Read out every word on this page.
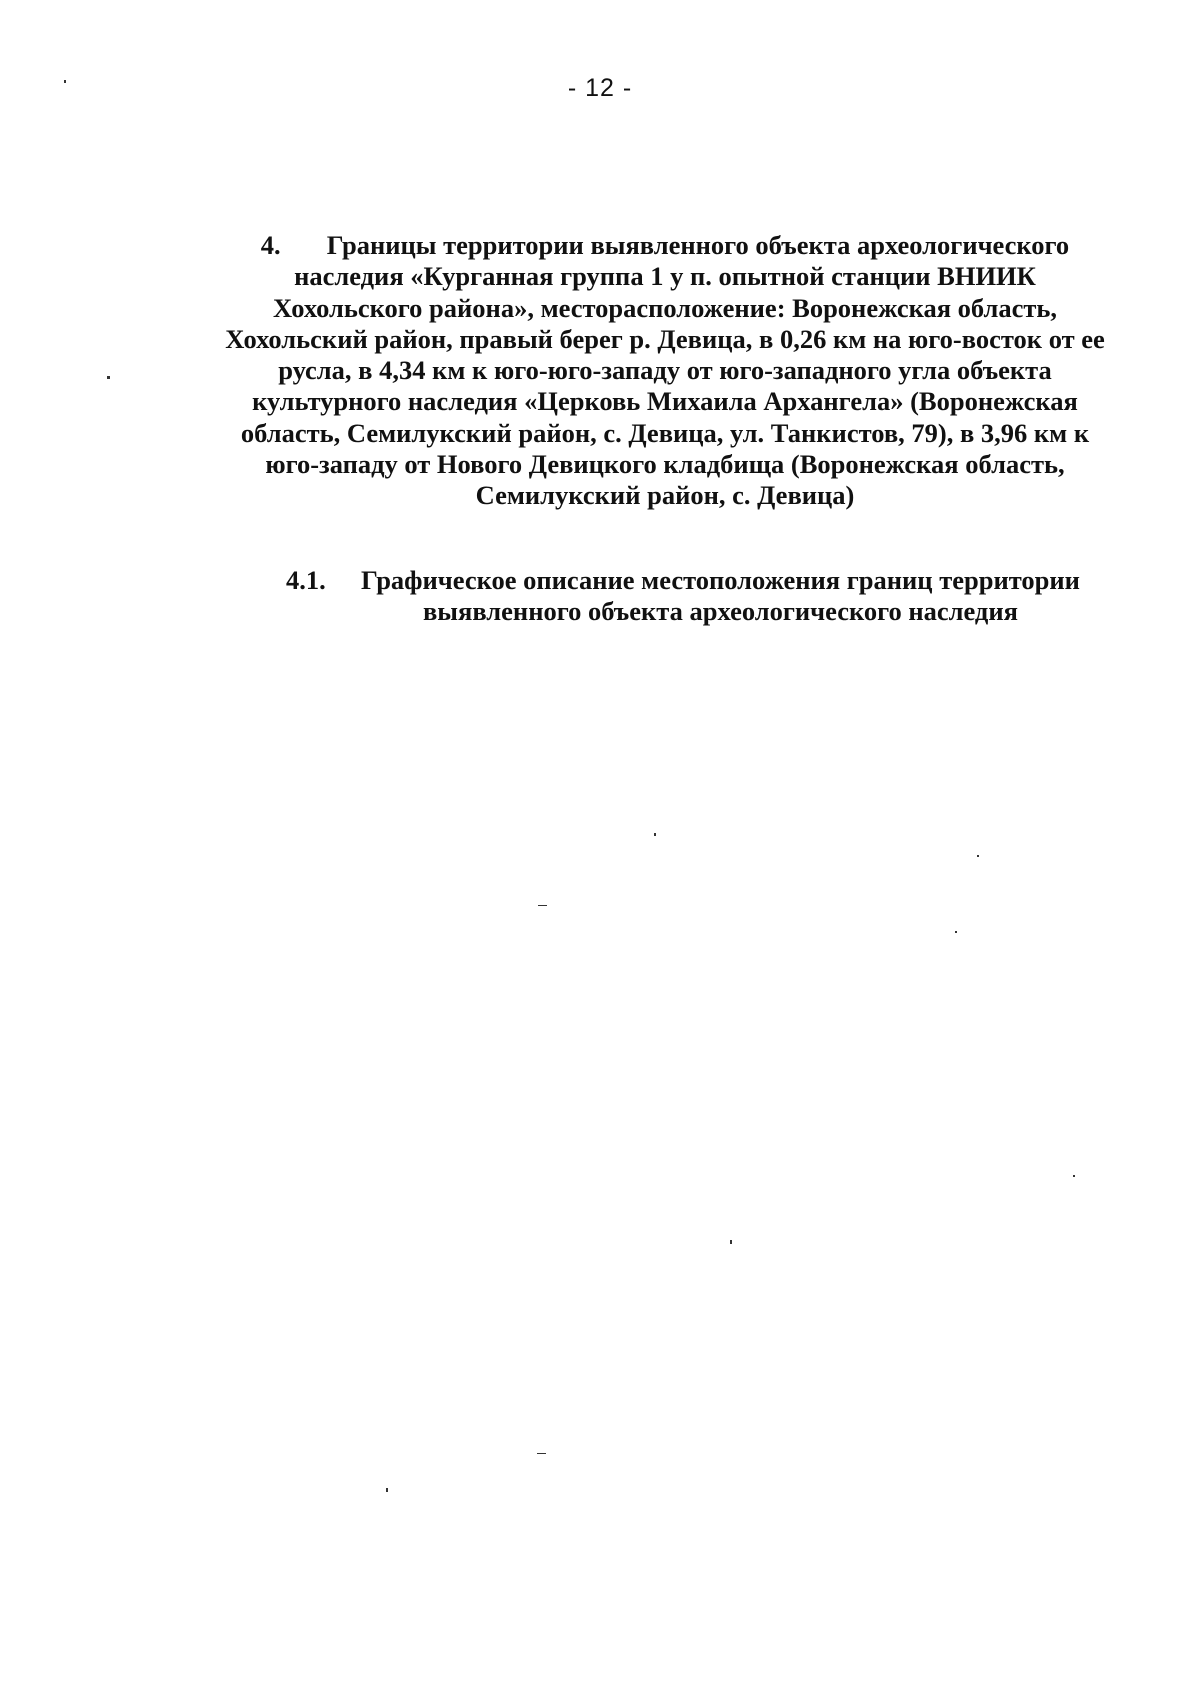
- 12 -
4. Границы территории выявленного объекта археологического
наследия «Курганная группа 1 у п. опытной станции ВНИИК
Хохольского района», месторасположение: Воронежская область,
Хохольский район, правый берег р. Девица, в 0,26 км на юго-восток от ее
русла, в 4,34 км к юго-юго-западу от юго-западного угла объекта
культурного наследия «Церковь Михаила Архангела» (Воронежская
область, Семилукский район, с. Девица, ул. Танкистов, 79), в 3,96 км к
юго-западу от Нового Девицкого кладбища (Воронежская область,
Семилукский район, с. Девица)
4.1. Графическое описание местоположения границ территории
выявленного объекта археологического наследия
